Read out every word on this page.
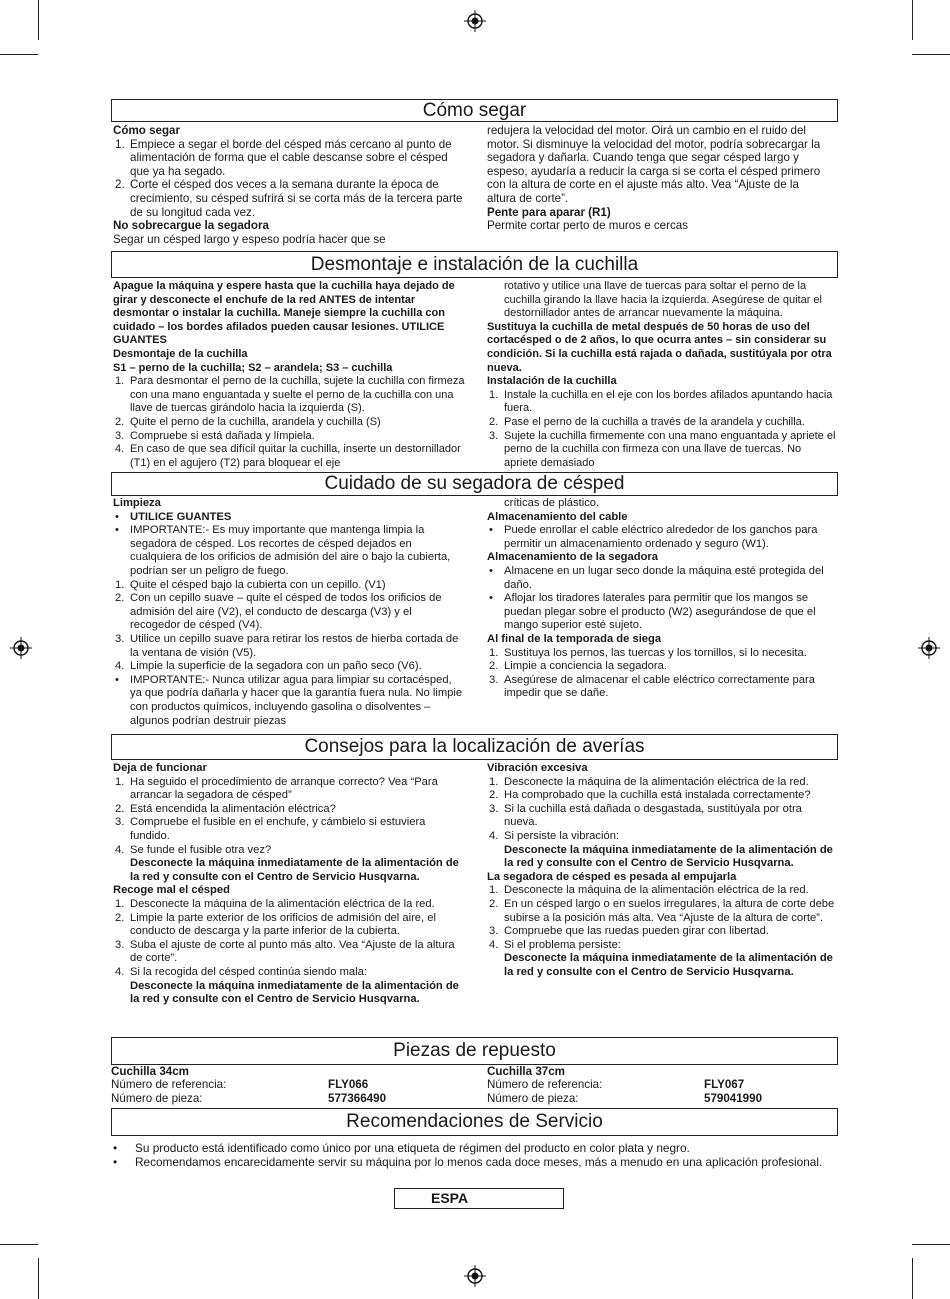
Cómo segar

Cómo segar

1. Empiece a segar el borde del césped más cercano al punto de alimentación de forma que el cable descanse sobre el césped que ya ha segado.
2. Corte el césped dos veces a la semana durante la época de crecimiento, su césped sufrirá si se corta más de la tercera parte de su longitud cada vez.

No sobrecargue la segadora

Segar un césped largo y espeso podría hacer que se

redujera la velocidad del motor. Oirá un cambio en el ruido del motor. Si disminuye la velocidad del motor, podría sobrecargar la segadora y dañarla. Cuando tenga que segar césped largo y espeso, ayudaría a reducir la carga si se corta el césped primero con la altura de corte en el ajuste más alto. Vea “Ajuste de la altura de corte”.

Pente para aparar (R1)

Permite cortar perto de muros e cercas

Desmontaje e instalación de la cuchilla

Apague la máquina y espere hasta que la cuchilla haya dejado de girar y desconecte el enchufe de la red ANTES de intentar desmontar o instalar la cuchilla. Maneje siempre la cuchilla con cuidado – los bordes afilados pueden causar lesiones. UTILICE GUANTES

Desmontaje de la cuchilla

S1 – perno de la cuchilla; S2 – arandela; S3 – cuchilla

1. Para desmontar el perno de la cuchilla, sujete la cuchilla con firmeza con una mano enguantada y suelte el perno de la cuchilla con una llave de tuercas girándolo hacia la izquierda (S).
2. Quite el perno de la cuchilla, arandela y cuchilla (S)
3. Compruebe si está dañada y límpiela.
4. En caso de que sea difícil quitar la cuchilla, inserte un destornillador (T1) en el agujero (T2) para bloquear el eje

rotativo y utilice una llave de tuercas para soltar el perno de la cuchilla girando la llave hacia la izquierda. Asegúrese de quitar el destornillador antes de arrancar nuevamente la máquina.

Sustituya la cuchilla de metal después de 50 horas de uso del cortacésped o de 2 años, lo que ocurra antes – sin considerar su condición. Si la cuchilla está rajada o dañada, sustitúyala por otra nueva.

Instalación de la cuchilla

1. Instale la cuchilla en el eje con los bordes afilados apuntando hacia fuera.
2. Pase el perno de la cuchilla a través de la arandela y cuchilla.
3. Sujete la cuchilla firmemente con una mano enguantada y apriete el perno de la cuchilla con firmeza con una llave de tuercas. No apriete demasiado
Cuidado de su segadora de césped

Limpieza

• UTILICE GUANTES
• IMPORTANTE:- Es muy importante que mantenga limpia la segadora de césped. Los recortes de césped dejados en cualquiera de los orificios de admisión del aire o bajo la cubierta, podrían ser un peligro de fuego.
1. Quite el césped bajo la cubierta con un cepillo. (V1)
2. Con un cepillo suave – quite el césped de todos los orificios de admisión del aire (V2), el conducto de descarga (V3) y el recogedor de césped (V4).
3. Utilice un cepillo suave para retirar los restos de hierba cortada de la ventana de visión (V5).
4. Limpie la superficie de la segadora con un paño seco (V6).
• IMPORTANTE:- Nunca utilizar agua para limpiar su cortacésped, ya que podría dañarla y hacer que la garantía fuera nula. No limpie con productos químicos, incluyendo gasolina o disolventes – algunos podrían destruir piezas

críticas de plástico.

Almacenamiento del cable

• Puede enrollar el cable eléctrico alrededor de los ganchos para permitir un almacenamiento ordenado y seguro (W1).

Almacenamiento de la segadora

• Almacene en un lugar seco donde la máquina esté protegida del daño.
• Aflojar los tiradores laterales para permitir que los mangos se puedan plegar sobre el producto (W2) asegurándose de que el mango superior esté sujeto.

Al final de la temporada de siega

1. Sustituya los pernos, las tuercas y los tornillos, si lo necesita.
2. Limpie a conciencia la segadora.
3. Asegúrese de almacenar el cable eléctrico correctamente para impedir que se dañe.
Consejos para la localización de averías

Deja de funcionar

1. Ha seguido el procedimiento de arranque correcto? Vea “Para arrancar la segadora de césped”
2. Está encendida la alimentación eléctrica?
3. Compruebe el fusible en el enchufe, y cámbielo si estuviera fundido.
4. Se funde el fusible otra vez?

Desconecte la máquina inmediatamente de la alimentación de la red y consulte con el Centro de Servicio Husqvarna.

Recoge mal el césped

1. Desconecte la máquina de la alimentación eléctrica de la red.
2. Limpie la parte exterior de los orificios de admisión del aire, el conducto de descarga y la parte inferior de la cubierta.
3. Suba el ajuste de corte al punto más alto. Vea “Ajuste de la altura de corte”.
4. Si la recogida del césped continúa siendo mala:

Desconecte la máquina inmediatamente de la alimentación de la red y consulte con el Centro de Servicio Husqvarna.

Vibración excesiva

1. Desconecte la máquina de la alimentación eléctrica de la red.
2. Ha comprobado que la cuchilla está instalada correctamente?
3. Si la cuchilla está dañada o desgastada, sustitúyala por otra nueva.
4. Si persiste la vibración:

Desconecte la máquina inmediatamente de la alimentación de la red y consulte con el Centro de Servicio Husqvarna.

La segadora de césped es pesada al empujarla

1. Desconecte la máquina de la alimentación eléctrica de la red.
2. En un césped largo o en suelos irregulares, la altura de corte debe subirse a la posición más alta. Vea “Ajuste de la altura de corte”.
3. Compruebe que las ruedas pueden girar con libertad.
4. Si el problema persiste:

Desconecte la máquina inmediatamente de la alimentación de la red y consulte con el Centro de Servicio Husqvarna.

Piezas de repuesto
Cuchilla 34cm
Número de referencia:	FLY066
Número de pieza:	577366490
Cuchilla 37cm
Número de referencia:	FLY067
Número de pieza:	579041990
Recomendaciones de Servicio
• Su producto está identificado como único por una etiqueta de régimen del producto en color plata y negro.
• Recomendamos encarecidamente servir su máquina por lo menos cada doce meses, más a menudo en una aplicación profesional.
ESPA
